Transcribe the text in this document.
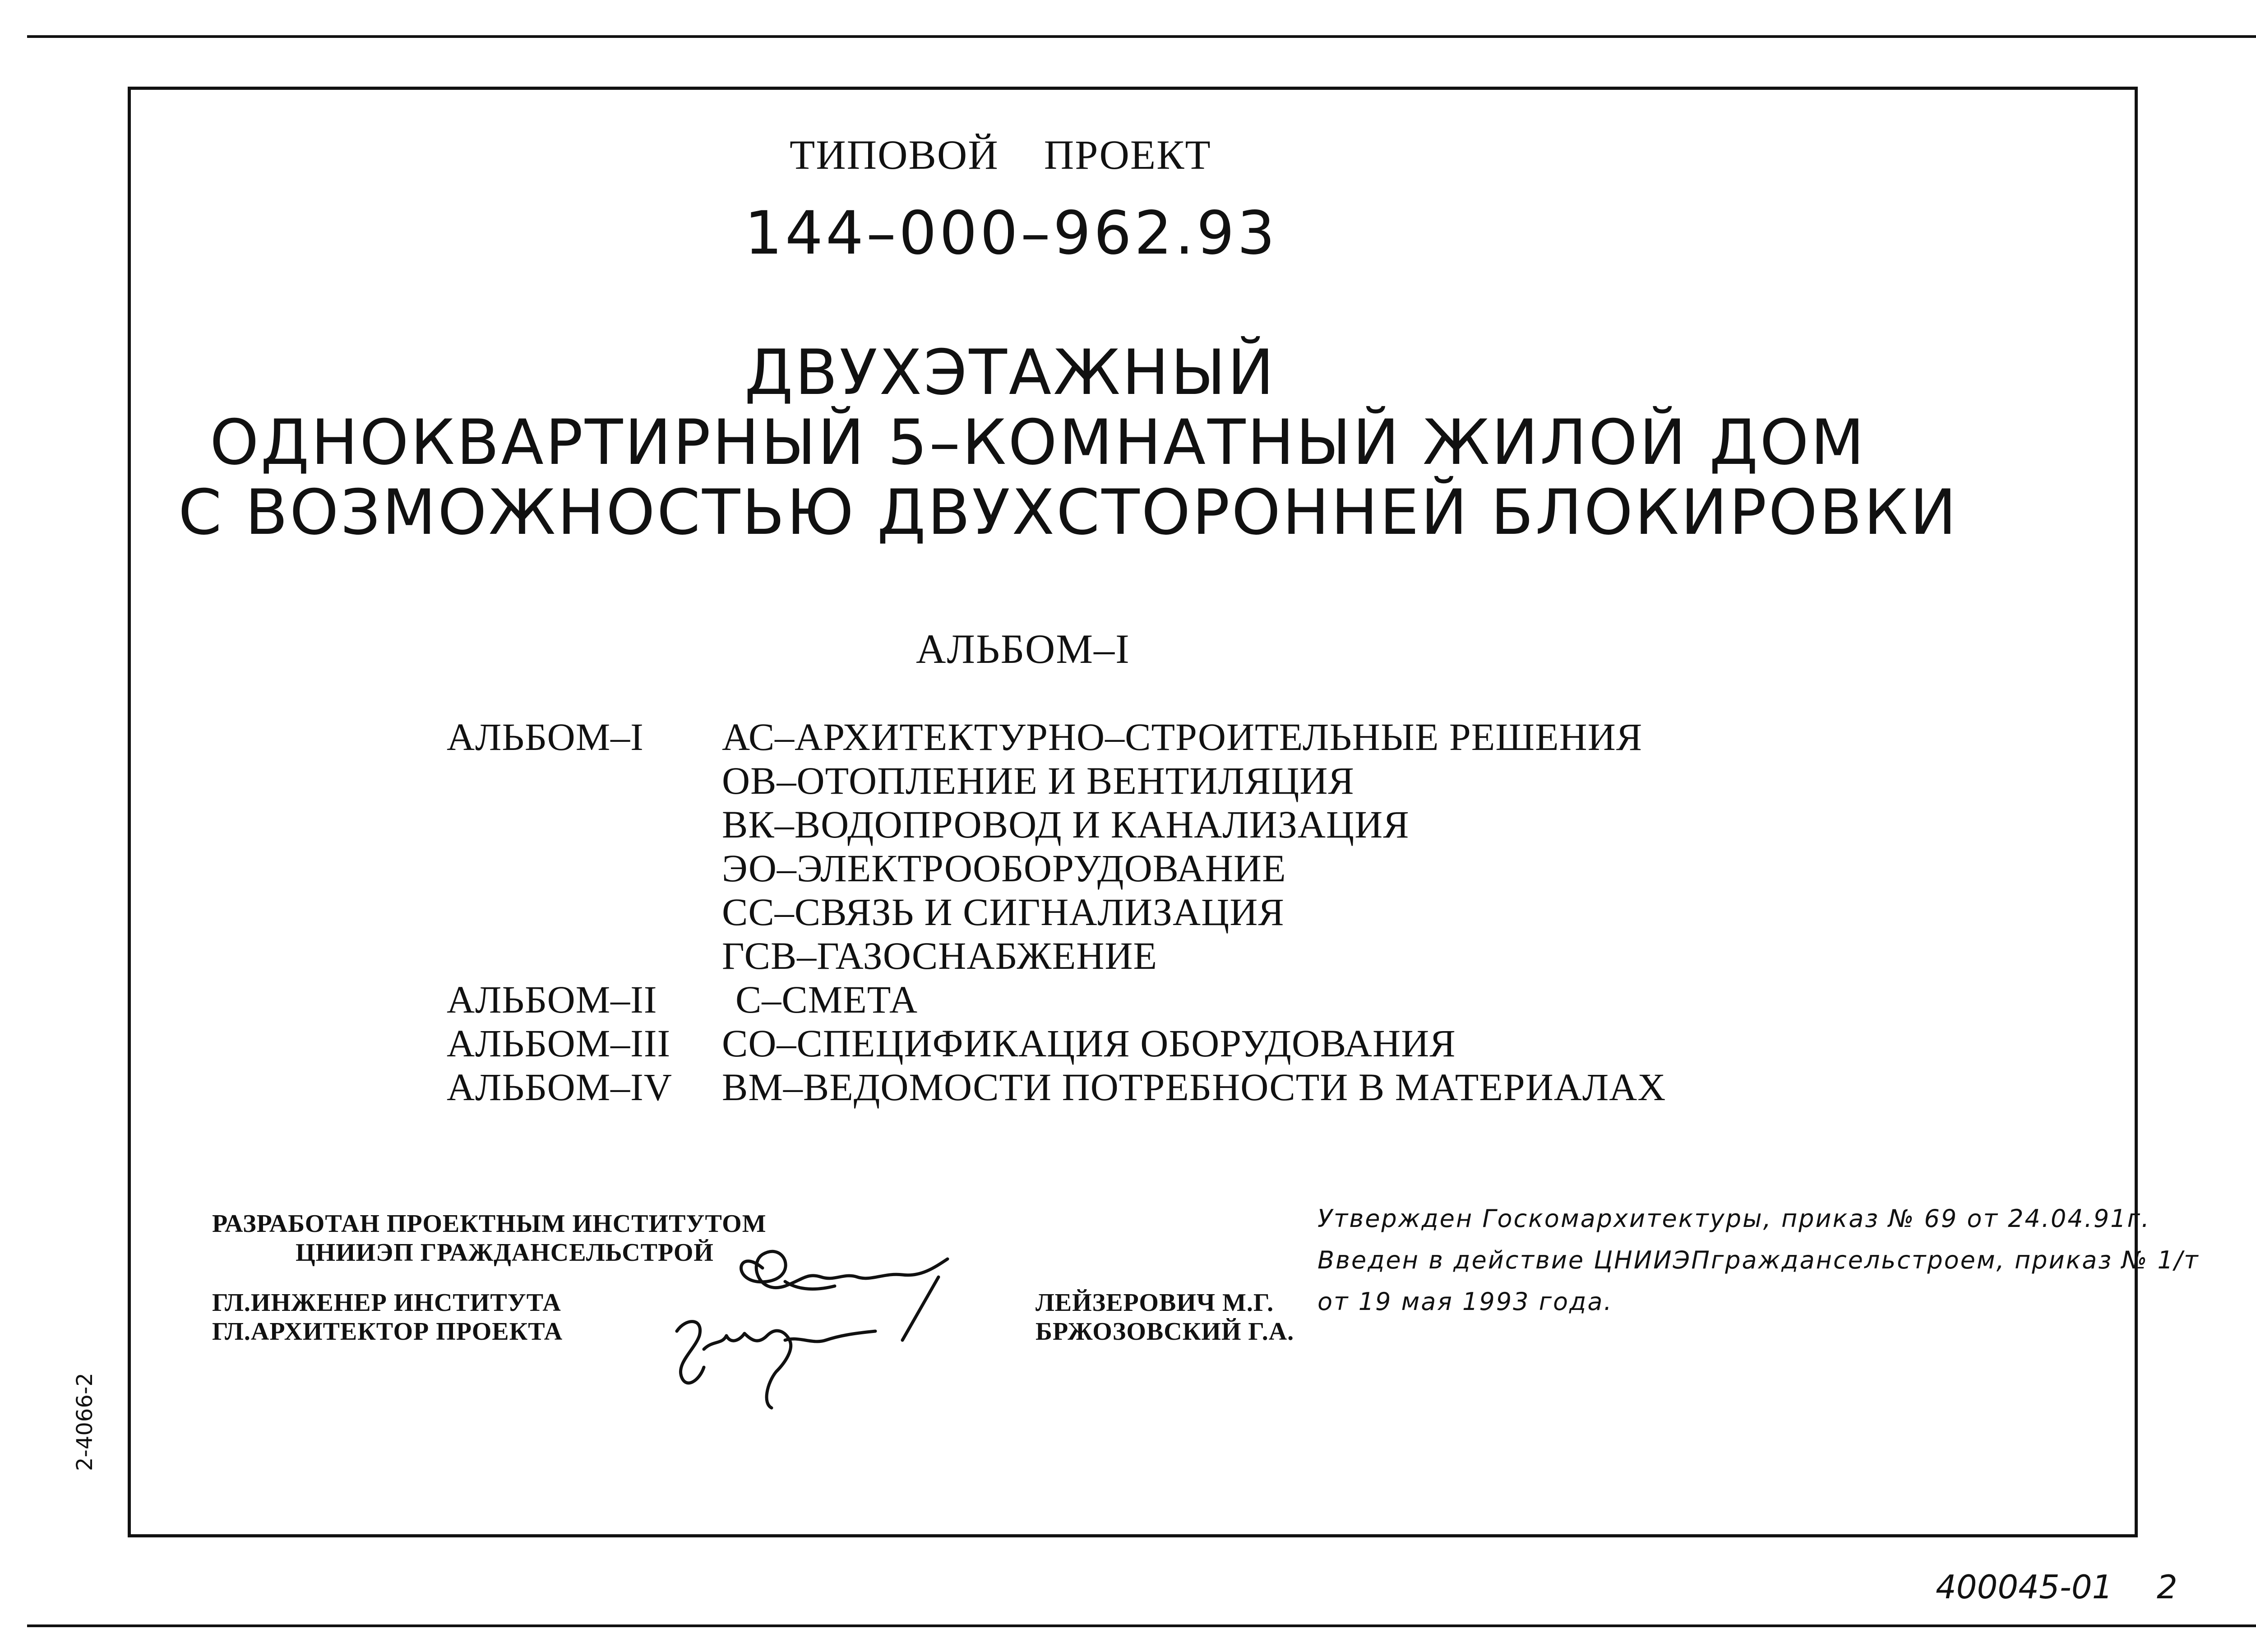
ТИПОВОЙ    ПРОЕКТ
144–000–962.93
ДВУХЭТАЖНЫЙ
ОДНОКВАРТИРНЫЙ 5–КОМНАТНЫЙ ЖИЛОЙ ДОМ
С ВОЗМОЖНОСТЬЮ ДВУХСТОРОННЕЙ БЛОКИРОВКИ
АЛЬБОМ–I
АЛЬБОМ–I	АС–АРХИТЕКТУРНО–СТРОИТЕЛЬНЫЕ РЕШЕНИЯ
ОВ–ОТОПЛЕНИЕ И ВЕНТИЛЯЦИЯ
ВК–ВОДОПРОВОД И КАНАЛИЗАЦИЯ
ЭО–ЭЛЕКТРООБОРУДОВАНИЕ
СС–СВЯЗЬ И СИГНАЛИЗАЦИЯ
ГСВ–ГАЗОСНАБЖЕНИЕ
АЛЬБОМ–II	С–СМЕТА
АЛЬБОМ–III	СО–СПЕЦИФИКАЦИЯ ОБОРУДОВАНИЯ
АЛЬБОМ–IV	ВМ–ВЕДОМОСТИ ПОТРЕБНОСТИ В МАТЕРИАЛАХ
РАЗРАБОТАН ПРОЕКТНЫМ ИНСТИТУТОМ
ЦНИИЭП ГРАЖДАНСЕЛЬСТРОЙ
ГЛ.ИНЖЕНЕР ИНСТИТУТА
ГЛ.АРХИТЕКТОР ПРОЕКТА
ЛЕЙЗЕРОВИЧ М.Г.
БРЖОЗОВСКИЙ Г.А.
Утвержден Госкомархитектуры, приказ № 69 от 24.04.91г.
Введен в действие ЦНИИЭПграждансельстроем, приказ № 1/т
от 19 мая 1993 года.
2-4066-2
400045-01 2
